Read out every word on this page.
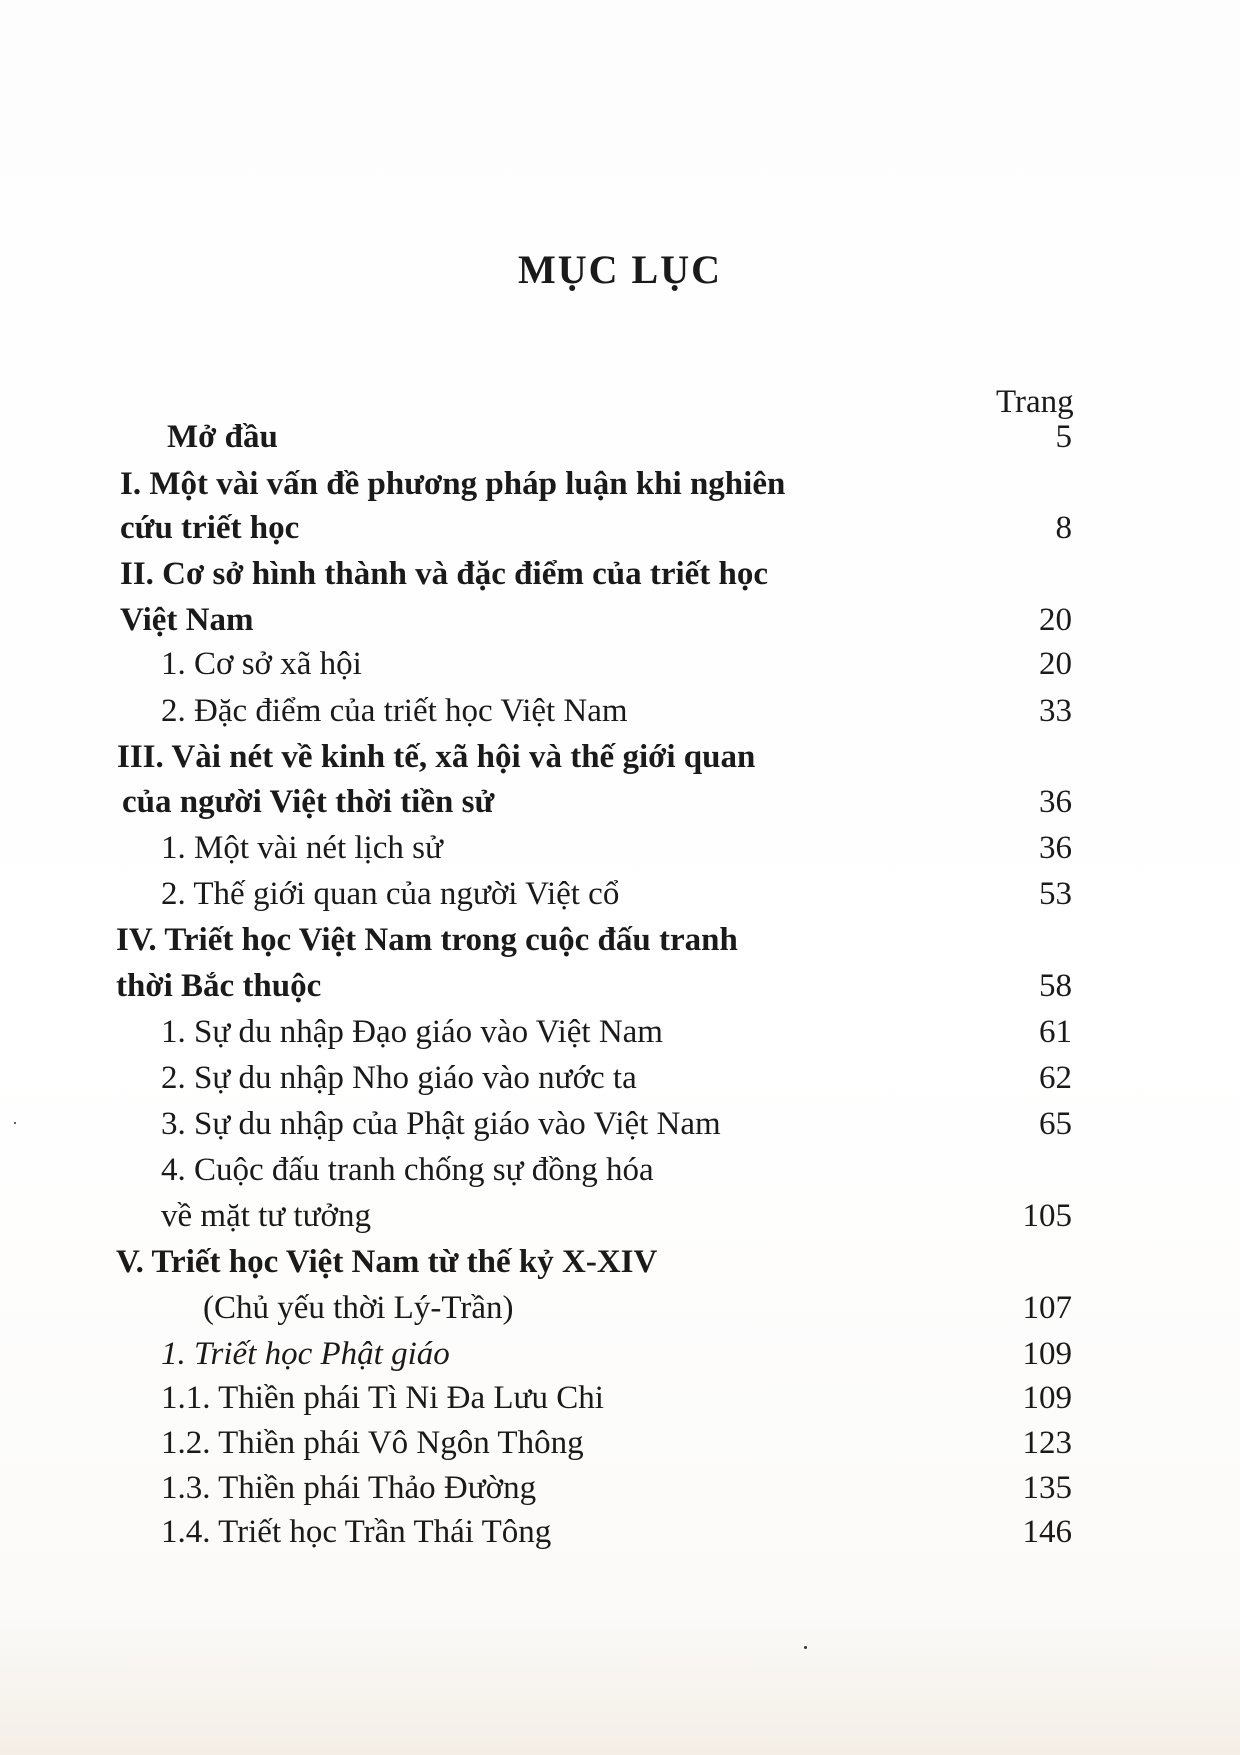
MỤC LỤC
Trang
Mở đầu	5
I. Một vài vấn đề phương pháp luận khi nghiên
cứu triết học	8
II. Cơ sở hình thành và đặc điểm của triết học
Việt Nam	20
1. Cơ sở xã hội	20
2. Đặc điểm của triết học Việt Nam	33
III. Vài nét về kinh tế, xã hội và thế giới quan
của người Việt thời tiền sử	36
1. Một vài nét lịch sử	36
2. Thế giới quan của người Việt cổ	53
IV. Triết học Việt Nam trong cuộc đấu tranh
thời Bắc thuộc	58
1. Sự du nhập Đạo giáo vào Việt Nam	61
2. Sự du nhập Nho giáo vào nước ta	62
3. Sự du nhập của Phật giáo vào Việt Nam	65
4. Cuộc đấu tranh chống sự đồng hóa
về mặt tư tưởng	105
V. Triết học Việt Nam từ thế kỷ X-XIV
(Chủ yếu thời Lý-Trần)	107
1. Triết học Phật giáo	109
1.1. Thiền phái Tì Ni Đa Lưu Chi	109
1.2. Thiền phái Vô Ngôn Thông	123
1.3. Thiền phái Thảo Đường	135
1.4. Triết học Trần Thái Tông	146
